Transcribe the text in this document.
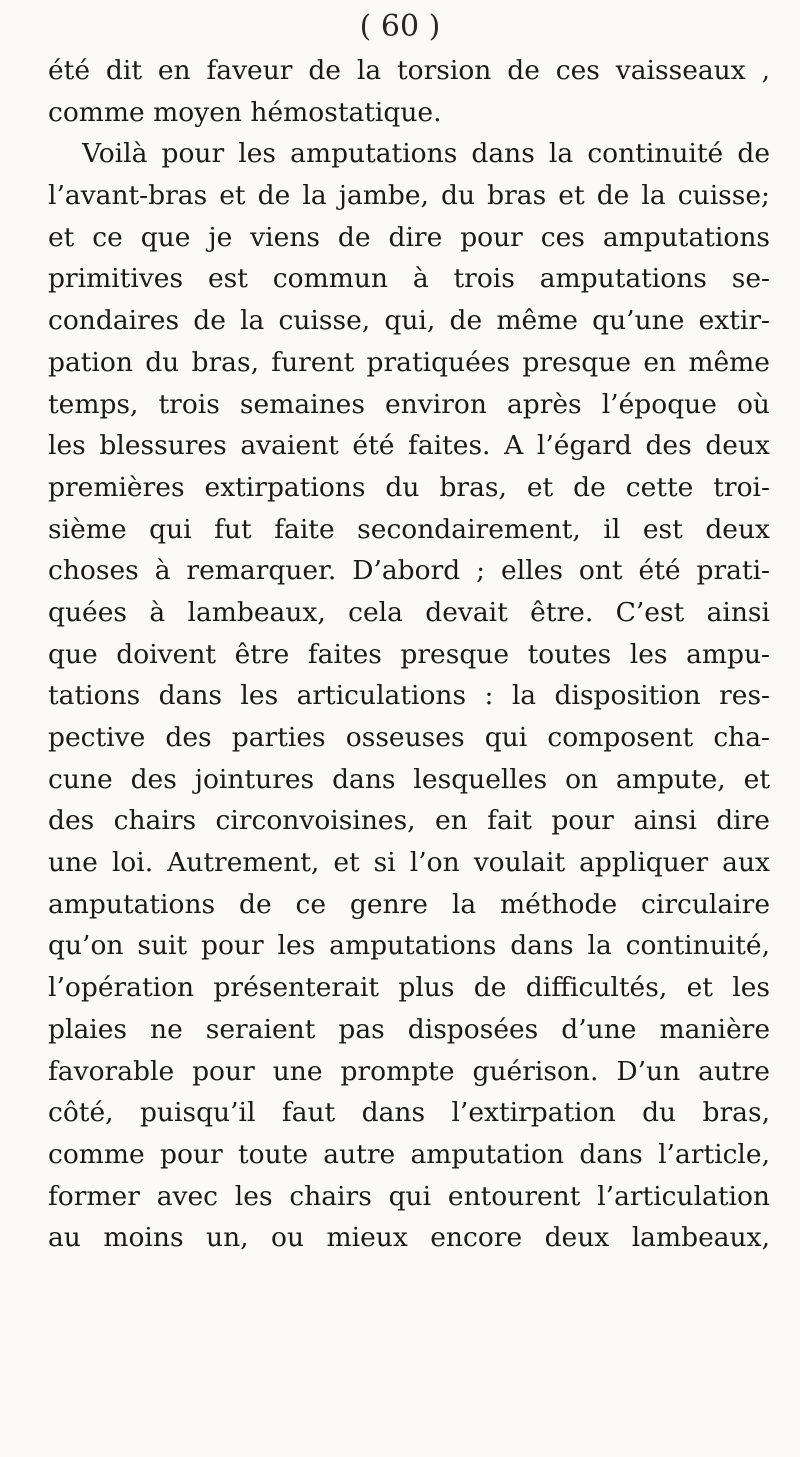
( 60 )
été dit en faveur de la torsion de ces vaisseaux ,
comme moyen hémostatique.
Voilà pour les amputations dans la continuité de
l’avant-bras et de la jambe, du bras et de la cuisse;
et ce que je viens de dire pour ces amputations
primitives est commun à trois amputations se-
condaires de la cuisse, qui, de même qu’une extir-
pation du bras, furent pratiquées presque en même
temps, trois semaines environ après l’époque où
les blessures avaient été faites. A l’égard des deux
premières extirpations du bras, et de cette troi-
sième qui fut faite secondairement, il est deux
choses à remarquer. D’abord ; elles ont été prati-
quées à lambeaux, cela devait être. C’est ainsi
que doivent être faites presque toutes les ampu-
tations dans les articulations : la disposition res-
pective des parties osseuses qui composent cha-
cune des jointures dans lesquelles on ampute, et
des chairs circonvoisines, en fait pour ainsi dire
une loi. Autrement, et si l’on voulait appliquer aux
amputations de ce genre la méthode circulaire
qu’on suit pour les amputations dans la continuité,
l’opération présenterait plus de difficultés, et les
plaies ne seraient pas disposées d’une manière
favorable pour une prompte guérison. D’un autre
côté, puisqu’il faut dans l’extirpation du bras,
comme pour toute autre amputation dans l’article,
former avec les chairs qui entourent l’articulation
au moins un, ou mieux encore deux lambeaux,
